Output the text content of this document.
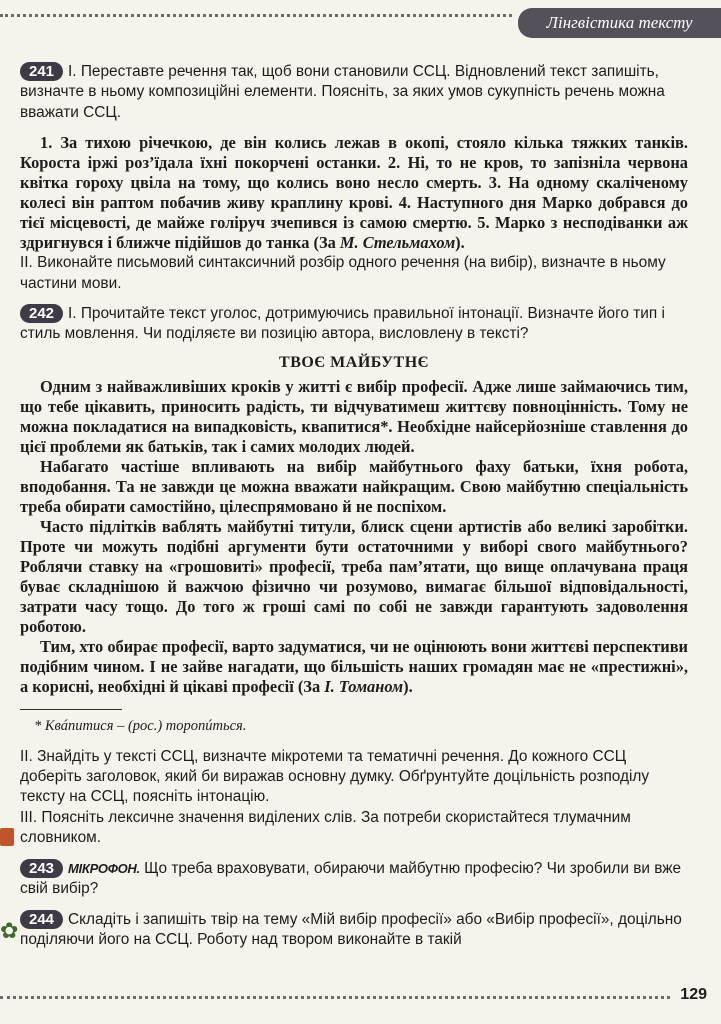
Лінгвістика тексту
✿

241 І. Переставте речення так, щоб вони становили ССЦ. Відновлений текст запишіть, визначте в ньому композиційні елементи. Поясніть, за яких умов сукупність речень можна вважати ССЦ.

1. За тихою річечкою, де він колись лежав в окопі, стояло кілька тяжких танків. Короста іржі роз’їдала їхні покорчені останки. 2. Ні, то не кров, то запізніла червона квітка гороху цвіла на тому, що колись воно несло смерть. 3. На одному скаліченому колесі він раптом побачив живу краплину крові. 4. Наступного дня Марко добрався до тієї місцевості, де майже голіруч зчепився із самою смертю. 5. Марко з несподіванки аж здригнувся і ближче підійшов до танка (За М. Стельмахом).

ІІ. Виконайте письмовий синтаксичний розбір одного речення (на вибір), визначте в ньому частини мови.

242 І. Прочитайте текст уголос, дотримуючись правильної інтонації. Визначте його тип і стиль мовлення. Чи поділяєте ви позицію автора, висловлену в тексті?

ТВОЄ МАЙБУТНЄ

Одним з найважливіших кроків у житті є вибір професії. Адже лише займаючись тим, що тебе цікавить, приносить радість, ти відчуватимеш життєву повноцінність. Тому не можна покладатися на випадковість, квапитися*. Необхідне найсерйозніше ставлення до цієї проблеми як батьків, так і самих молодих людей.

Набагато частіше впливають на вибір майбутнього фаху батьки, їхня робота, вподобання. Та не завжди це можна вважати найкращим. Свою майбутню спеціальність треба обирати самостійно, цілеспрямовано й не поспіхом.

Часто підлітків ваблять майбутні титули, блиск сцени артистів або великі заробітки. Проте чи можуть подібні аргументи бути остаточними у виборі свого майбутнього? Роблячи ставку на «грошовиті» професії, треба пам’ятати, що вище оплачувана праця буває складнішою й важчою фізично чи розумово, вимагає більшої відповідальності, затрати часу тощо. До того ж гроші самі по собі не завжди гарантують задоволення роботою.

Тим, хто обирає професії, варто задуматися, чи не оцінюють вони життєві перспективи подібним чином. І не зайве нагадати, що більшість наших громадян має не «престижні», а корисні, необхідні й цікаві професії (За І. Томаном).

* Квáпитися – (рос.) торопúться.

ІІ. Знайдіть у тексті ССЦ, визначте мікротеми та тематичні речення. До кожного ССЦ доберіть заголовок, який би виражав основну думку. Обґрунтуйте доцільність розподілу тексту на ССЦ, поясніть інтонацію.

ІІІ. Поясніть лексичне значення виділених слів. За потреби скористайтеся тлумачним словником.

243 МІКРОФОН. Що треба враховувати, обираючи майбутню професію? Чи зробили ви вже свій вибір?

244 Складіть і запишіть твір на тему «Мій вибір професії» або «Вибір професії», доцільно поділяючи його на ССЦ. Роботу над твором виконайте в такій

129
